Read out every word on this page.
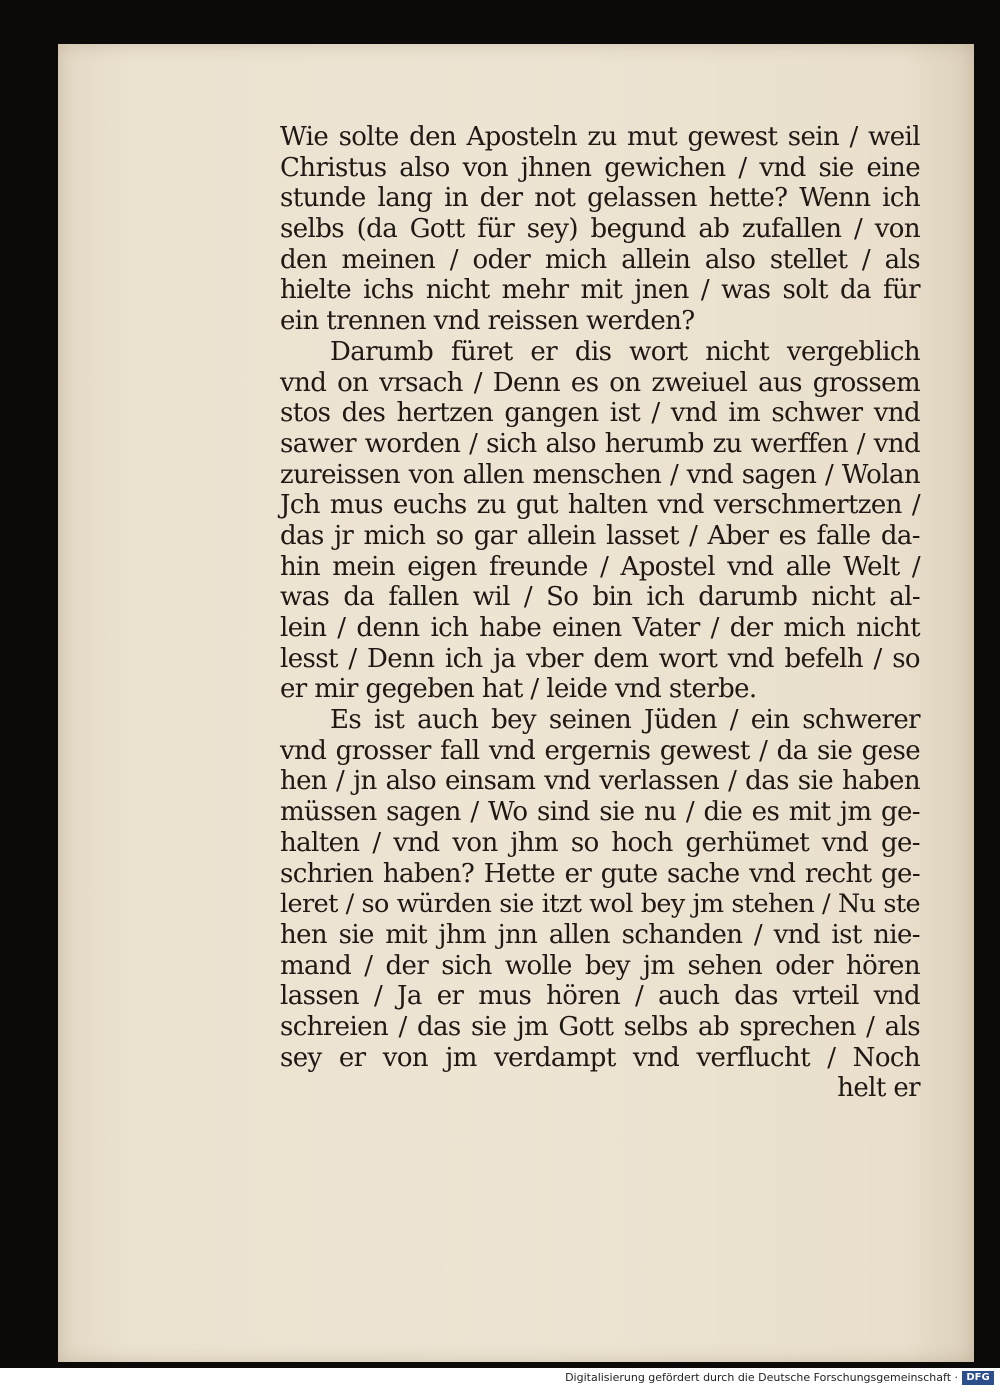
Wie solte den Aposteln zu mut gewest sein / weil
Christus also von jhnen gewichen / vnd sie eine
stunde lang in der not gelassen hette? Wenn ich
selbs (da Gott für sey) begund ab zufallen / von
den meinen / oder mich allein also stellet / als
hielte ichs nicht mehr mit jnen / was solt da für
ein trennen vnd reissen werden?
Darumb füret er dis wort nicht vergeblich
vnd on vrsach / Denn es on zweiuel aus grossem
stos des hertzen gangen ist / vnd im schwer vnd
sawer worden / sich also herumb zu werffen / vnd
zureissen von allen menschen / vnd sagen / Wolan
Jch mus euchs zu gut halten vnd verschmertzen /
das jr mich so gar allein lasset / Aber es falle da-
hin mein eigen freunde / Apostel vnd alle Welt /
was da fallen wil / So bin ich darumb nicht al-
lein / denn ich habe einen Vater / der mich nicht
lesst / Denn ich ja vber dem wort vnd befelh / so
er mir gegeben hat / leide vnd sterbe.
Es ist auch bey seinen Jüden / ein schwerer
vnd grosser fall vnd ergernis gewest / da sie gese
hen / jn also einsam vnd verlassen / das sie haben
müssen sagen / Wo sind sie nu / die es mit jm ge-
halten / vnd von jhm so hoch gerhümet vnd ge-
schrien haben? Hette er gute sache vnd recht ge-
leret / so würden sie itzt wol bey jm stehen / Nu ste
hen sie mit jhm jnn allen schanden / vnd ist nie-
mand / der sich wolle bey jm sehen oder hören
lassen / Ja er mus hören / auch das vrteil vnd
schreien / das sie jm Gott selbs ab sprechen / als
sey er von jm verdampt vnd verflucht / Noch
helt er
Digitalisierung gefördert durch die Deutsche Forschungsgemeinschaft · DFG
